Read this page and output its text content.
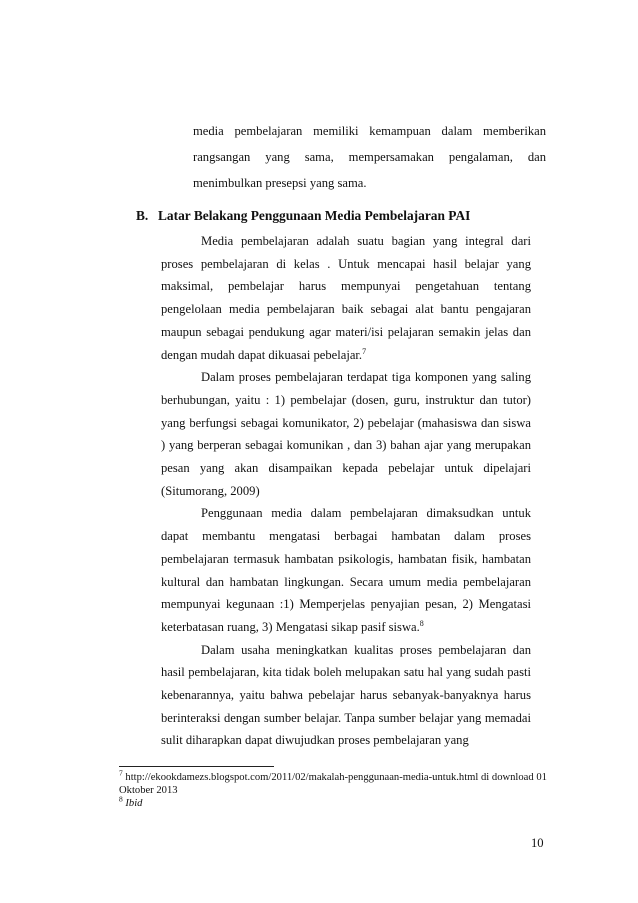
media pembelajaran memiliki kemampuan dalam memberikan rangsangan yang sama, mempersamakan pengalaman, dan menimbulkan presepsi yang sama.

B. Latar Belakang Penggunaan Media Pembelajaran PAI

Media pembelajaran adalah suatu bagian yang integral dari proses pembelajaran di kelas . Untuk mencapai hasil belajar yang maksimal, pembelajar harus mempunyai pengetahuan tentang pengelolaan media pembelajaran baik sebagai alat bantu pengajaran maupun sebagai pendukung agar materi/isi pelajaran semakin jelas dan dengan mudah dapat dikuasai pebelajar.$^7$

Dalam proses pembelajaran terdapat tiga komponen yang saling berhubungan, yaitu : 1) pembelajar (dosen, guru, instruktur dan tutor) yang berfungsi sebagai komunikator, 2) pebelajar (mahasiswa dan siswa ) yang berperan sebagai komunikan , dan 3) bahan ajar yang merupakan pesan yang akan disampaikan kepada pebelajar untuk dipelajari (Situmorang, 2009)

Penggunaan media dalam pembelajaran dimaksudkan untuk dapat membantu mengatasi berbagai hambatan dalam proses pembelajaran termasuk hambatan psikologis, hambatan fisik, hambatan kultural dan hambatan lingkungan. Secara umum media pembelajaran mempunyai kegunaan :1) Memperjelas penyajian pesan, 2) Mengatasi keterbatasan ruang, 3) Mengatasi sikap pasif siswa.$^8$

Dalam usaha meningkatkan kualitas proses pembelajaran dan hasil pembelajaran, kita tidak boleh melupakan satu hal yang sudah pasti kebenarannya, yaitu bahwa pebelajar harus sebanyak-banyaknya harus berinteraksi dengan sumber belajar. Tanpa sumber belajar yang memadai sulit diharapkan dapat diwujudkan proses pembelajaran yang

$^7$ http://ekookdamezs.blogspot.com/2011/02/makalah-penggunaan-media-untuk.html di download 01 Oktober 2013

$^8$ Ibid

10
